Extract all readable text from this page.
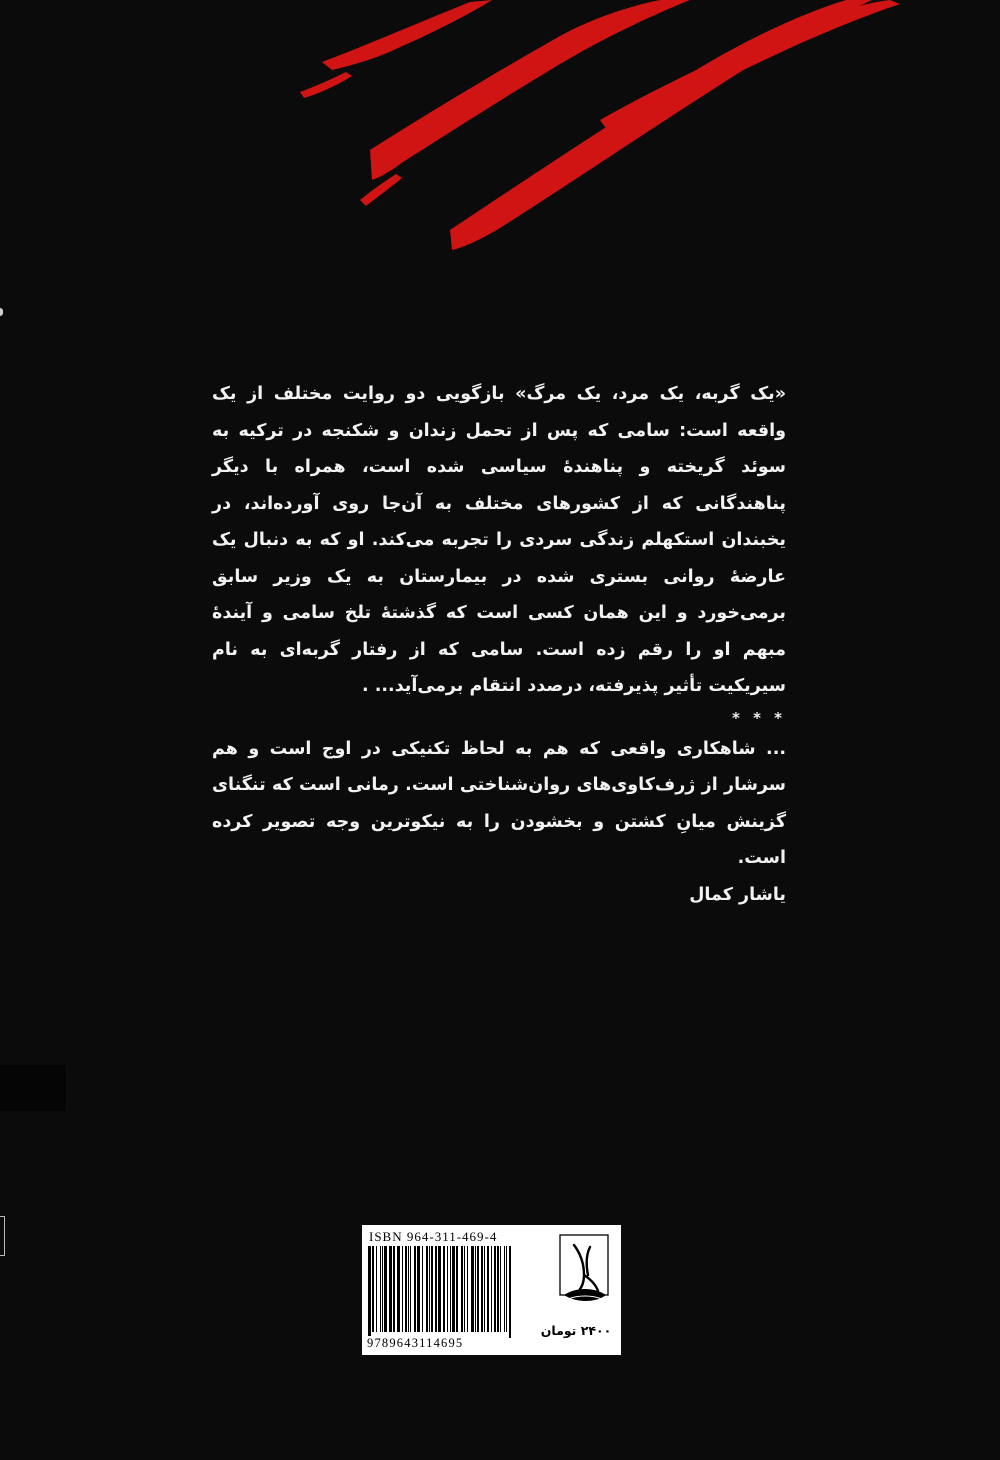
«یک گربه، یک مرد، یک مرگ» بازگویی دو روایت مختلف از یک واقعه است: سامی که پس از تحمل زندان و شکنجه در ترکیه به سوئد گریخته و پناهندهٔ سیاسی شده است، همراه با دیگر پناهندگانی که از کشورهای مختلف به آن‌جا روی آورده‌اند، در یخبندان استکهلم زندگی سردی را تجربه می‌کند. او که به دنبال یک عارضهٔ روانی بستری شده در بیمارستان به یک وزیر سابق برمی‌خورد و این همان کسی است که گذشتهٔ تلخ سامی و آیندهٔ مبهم او را رقم زده است. سامی که از رفتار گربه‌ای به نام سیریکیت تأثیر پذیرفته، درصدد انتقام برمی‌آید... .

* * *

... شاهکاری واقعی که هم به لحاظ تکنیکی در اوج است و هم سرشار از ژرف‌کاوی‌های روان‌شناختی است. رمانی است که تنگنای گزینش میانِ کشتن و بخشودن را به نیکوترین وجه تصویر کرده است.

یاشار کمال

ISBN 964-311-469-4
9789643114695
۲۴۰۰ تومان
